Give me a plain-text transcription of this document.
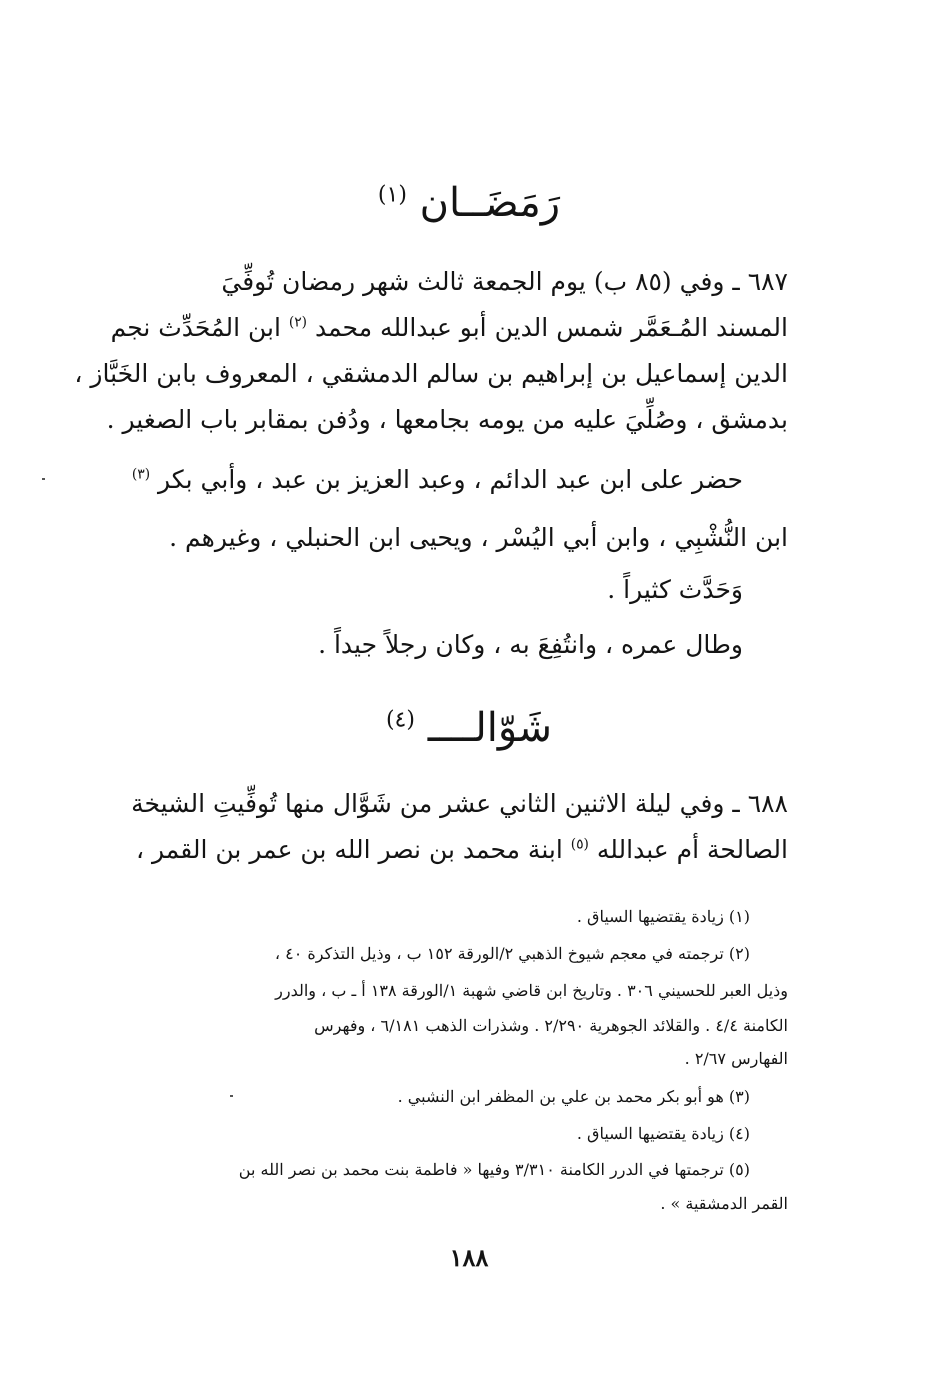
رَمَضَــان $^{(١)}$
٦٨٧ ـ وفي (٨٥ ب) يوم الجمعة ثالث شهر رمضان تُوفِّيَ
المسند المُـعَمَّر شمس الدين أبو عبدالله محمد $^{(٢)}$ ابن المُحَدِّث نجم
الدين إسماعيل بن إبراهيم بن سالم الدمشقي ، المعروف بابن الخَبَّاز ،
بدمشق ، وصُلِّيَ عليه من يومه بجامعها ، ودُفن بمقابر باب الصغير .
حضر على ابن عبد الدائم ، وعبد العزيز بن عبد ، وأبي بكر $^{(٣)}$
ابن النُّشْبِي ، وابن أبي اليُسْر ، ويحيى ابن الحنبلي ، وغيرهم .
وَحَدَّث كثيراً .
وطال عمره ، وانتُفِعَ به ، وكان رجلاً جيداً .
شَوّالــــ $^{(٤)}$
٦٨٨ ـ وفي ليلة الاثنين الثاني عشر من شَوَّال منها تُوفِّيتِ الشيخة
الصالحة أم عبدالله $^{(٥)}$ ابنة محمد بن نصر الله بن عمر بن القمر ،
(١) زيادة يقتضيها السياق .
(٢) ترجمته في معجم شيوخ الذهبي ٢/الورقة ١٥٢ ب ، وذيل التذكرة ٤٠ ،
وذيل العبر للحسيني ٣٠٦ . وتاريخ ابن قاضي شهبة ١/الورقة ١٣٨ أ ـ ب ، والدرر
الكامنة ٤/٤ . والقلائد الجوهرية ٢/٢٩٠ . وشذرات الذهب ٦/١٨١ ، وفهرس
الفهارس ٢/٦٧ .
(٣) هو أبو بكر محمد بن علي بن المظفر ابن النشبي .
(٤) زيادة يقتضيها السياق .
(٥) ترجمتها في الدرر الكامنة ٣/٣١٠ وفيها « فاطمة بنت محمد بن نصر الله بن
القمر الدمشقية » .
١٨٨
